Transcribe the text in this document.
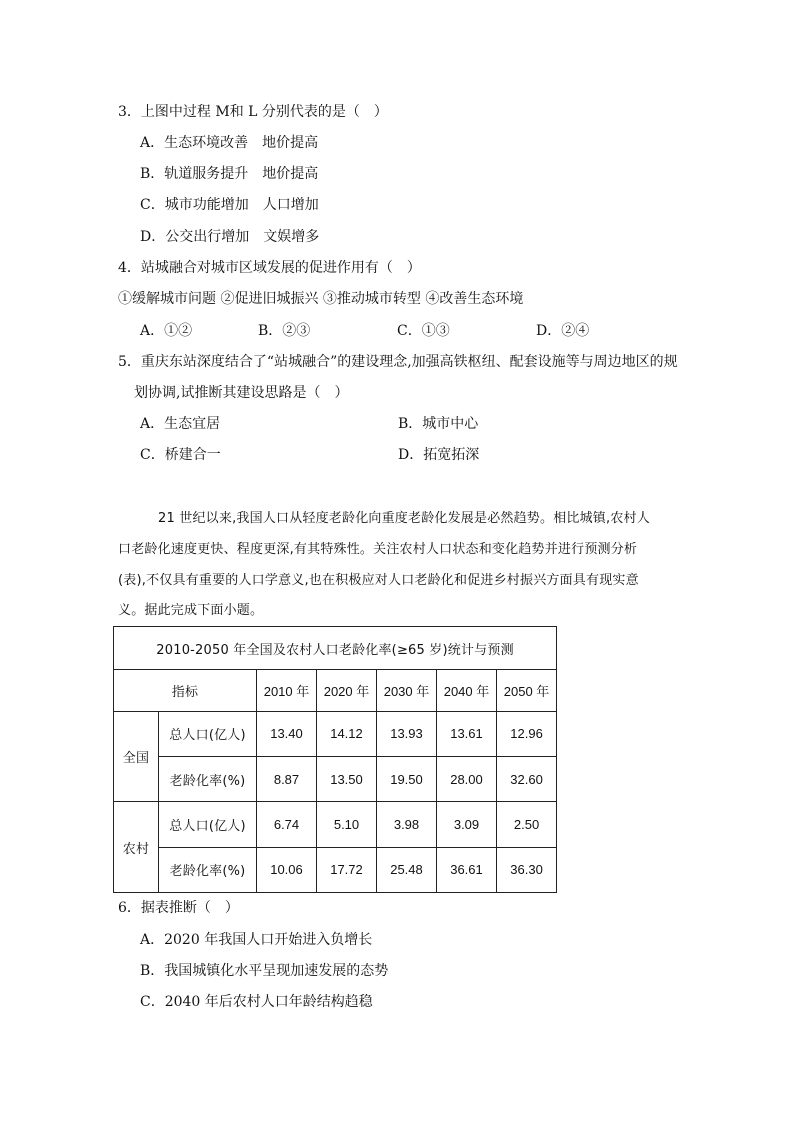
3．上图中过程 M和 L 分别代表的是（　）
A．生态环境改善　地价提高
B．轨道服务提升　地价提高
C．城市功能增加　人口增加
D．公交出行增加　文娱增多
4．站城融合对城市区域发展的促进作用有（　）
①缓解城市问题 ②促进旧城振兴 ③推动城市转型 ④改善生态环境
A．①②	B．②③	C．①③	D．②④
5．重庆东站深度结合了“站城融合”的建设理念,加强高铁枢纽、配套设施等与周边地区的规
划协调,试推断其建设思路是（　）
A．生态宜居	B．城市中心
C．桥建合一	D．拓宽拓深
21 世纪以来,我国人口从轻度老龄化向重度老龄化发展是必然趋势。相比城镇,农村人
口老龄化速度更快、程度更深,有其特殊性。关注农村人口状态和变化趋势并进行预测分析
(表),不仅具有重要的人口学意义,也在积极应对人口老龄化和促进乡村振兴方面具有现实意
义。据此完成下面小题。
2010-2050 年全国及农村人口老龄化率(≥65 岁)统计与预测						
指标		2010 年	2020 年	2030 年	2040 年	2050 年
全国	总人口(亿人)	13.40	14.12	13.93	13.61	12.96
	老龄化率(%)	8.87	13.50	19.50	28.00	32.60
农村	总人口(亿人)	6.74	5.10	3.98	3.09	2.50
	老龄化率(%)	10.06	17.72	25.48	36.61	36.30
6．据表推断（　）
A．2020 年我国人口开始进入负增长
B．我国城镇化水平呈现加速发展的态势
C．2040 年后农村人口年龄结构趋稳
